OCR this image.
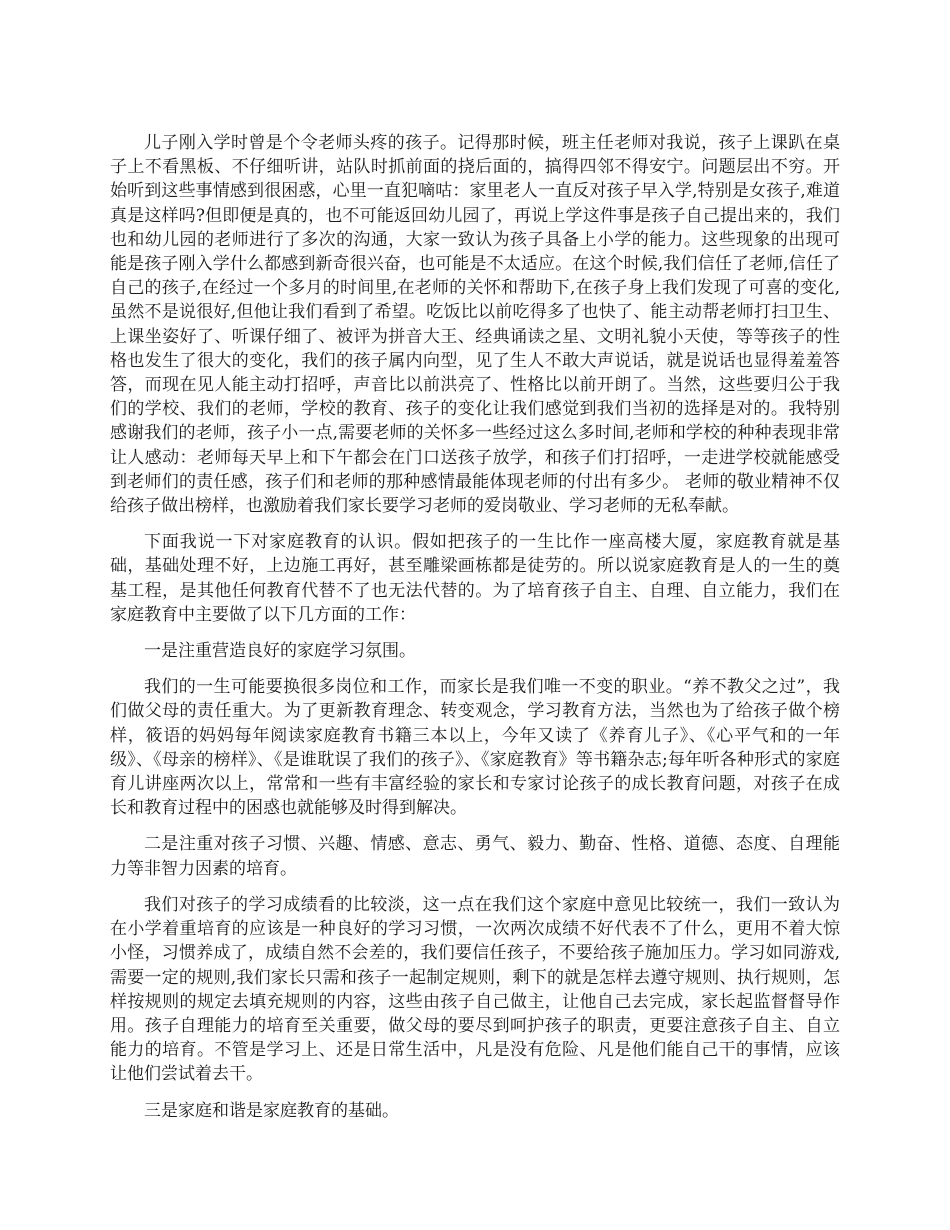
儿子刚入学时曾是个令老师头疼的孩子。记得那时候，班主任老师对我说，孩子上课趴在桌子上不看黑板、不仔细听讲，站队时抓前面的挠后面的，搞得四邻不得安宁。问题层出不穷。开始听到这些事情感到很困惑，心里一直犯嘀咕：家里老人一直反对孩子早入学,特别是女孩子,难道真是这样吗?但即便是真的，也不可能返回幼儿园了，再说上学这件事是孩子自己提出来的，我们也和幼儿园的老师进行了多次的沟通，大家一致认为孩子具备上小学的能力。这些现象的出现可能是孩子刚入学什么都感到新奇很兴奋，也可能是不太适应。在这个时候,我们信任了老师,信任了自己的孩子,在经过一个多月的时间里,在老师的关怀和帮助下,在孩子身上我们发现了可喜的变化,虽然不是说很好,但他让我们看到了希望。吃饭比以前吃得多了也快了、能主动帮老师打扫卫生、上课坐姿好了、听课仔细了、被评为拼音大王、经典诵读之星、文明礼貌小天使，等等孩子的性格也发生了很大的变化，我们的孩子属内向型，见了生人不敢大声说话，就是说话也显得羞羞答答，而现在见人能主动打招呼，声音比以前洪亮了、性格比以前开朗了。当然，这些要归公于我们的学校、我们的老师，学校的教育、孩子的变化让我们感觉到我们当初的选择是对的。我特别感谢我们的老师，孩子小一点,需要老师的关怀多一些经过这么多时间,老师和学校的种种表现非常让人感动：老师每天早上和下午都会在门口送孩子放学，和孩子们打招呼，一走进学校就能感受到老师们的责任感，孩子们和老师的那种感情最能体现老师的付出有多少。 老师的敬业精神不仅给孩子做出榜样，也激励着我们家长要学习老师的爱岗敬业、学习老师的无私奉献。

下面我说一下对家庭教育的认识。假如把孩子的一生比作一座高楼大厦，家庭教育就是基础，基础处理不好，上边施工再好，甚至雕梁画栋都是徒劳的。所以说家庭教育是人的一生的奠基工程，是其他任何教育代替不了也无法代替的。为了培育孩子自主、自理、自立能力，我们在家庭教育中主要做了以下几方面的工作：

一是注重营造良好的家庭学习氛围。

我们的一生可能要换很多岗位和工作，而家长是我们唯一不变的职业。“养不教父之过”，我们做父母的责任重大。为了更新教育理念、转变观念，学习教育方法，当然也为了给孩子做个榜样，筱语的妈妈每年阅读家庭教育书籍三本以上，今年又读了《养育儿子》、《心平气和的一年级》、《母亲的榜样》、《是谁耽误了我们的孩子》、《家庭教育》等书籍杂志;每年听各种形式的家庭育儿讲座两次以上，常常和一些有丰富经验的家长和专家讨论孩子的成长教育问题，对孩子在成长和教育过程中的困惑也就能够及时得到解决。

二是注重对孩子习惯、兴趣、情感、意志、勇气、毅力、勤奋、性格、道德、态度、自理能力等非智力因素的培育。

我们对孩子的学习成绩看的比较淡，这一点在我们这个家庭中意见比较统一，我们一致认为在小学着重培育的应该是一种良好的学习习惯，一次两次成绩不好代表不了什么，更用不着大惊小怪，习惯养成了，成绩自然不会差的，我们要信任孩子，不要给孩子施加压力。学习如同游戏,需要一定的规则,我们家长只需和孩子一起制定规则，剩下的就是怎样去遵守规则、执行规则，怎样按规则的规定去填充规则的内容，这些由孩子自己做主，让他自己去完成，家长起监督督导作用。孩子自理能力的培育至关重要，做父母的要尽到呵护孩子的职责，更要注意孩子自主、自立能力的培育。不管是学习上、还是日常生活中，凡是没有危险、凡是他们能自己干的事情，应该让他们尝试着去干。

三是家庭和谐是家庭教育的基础。
